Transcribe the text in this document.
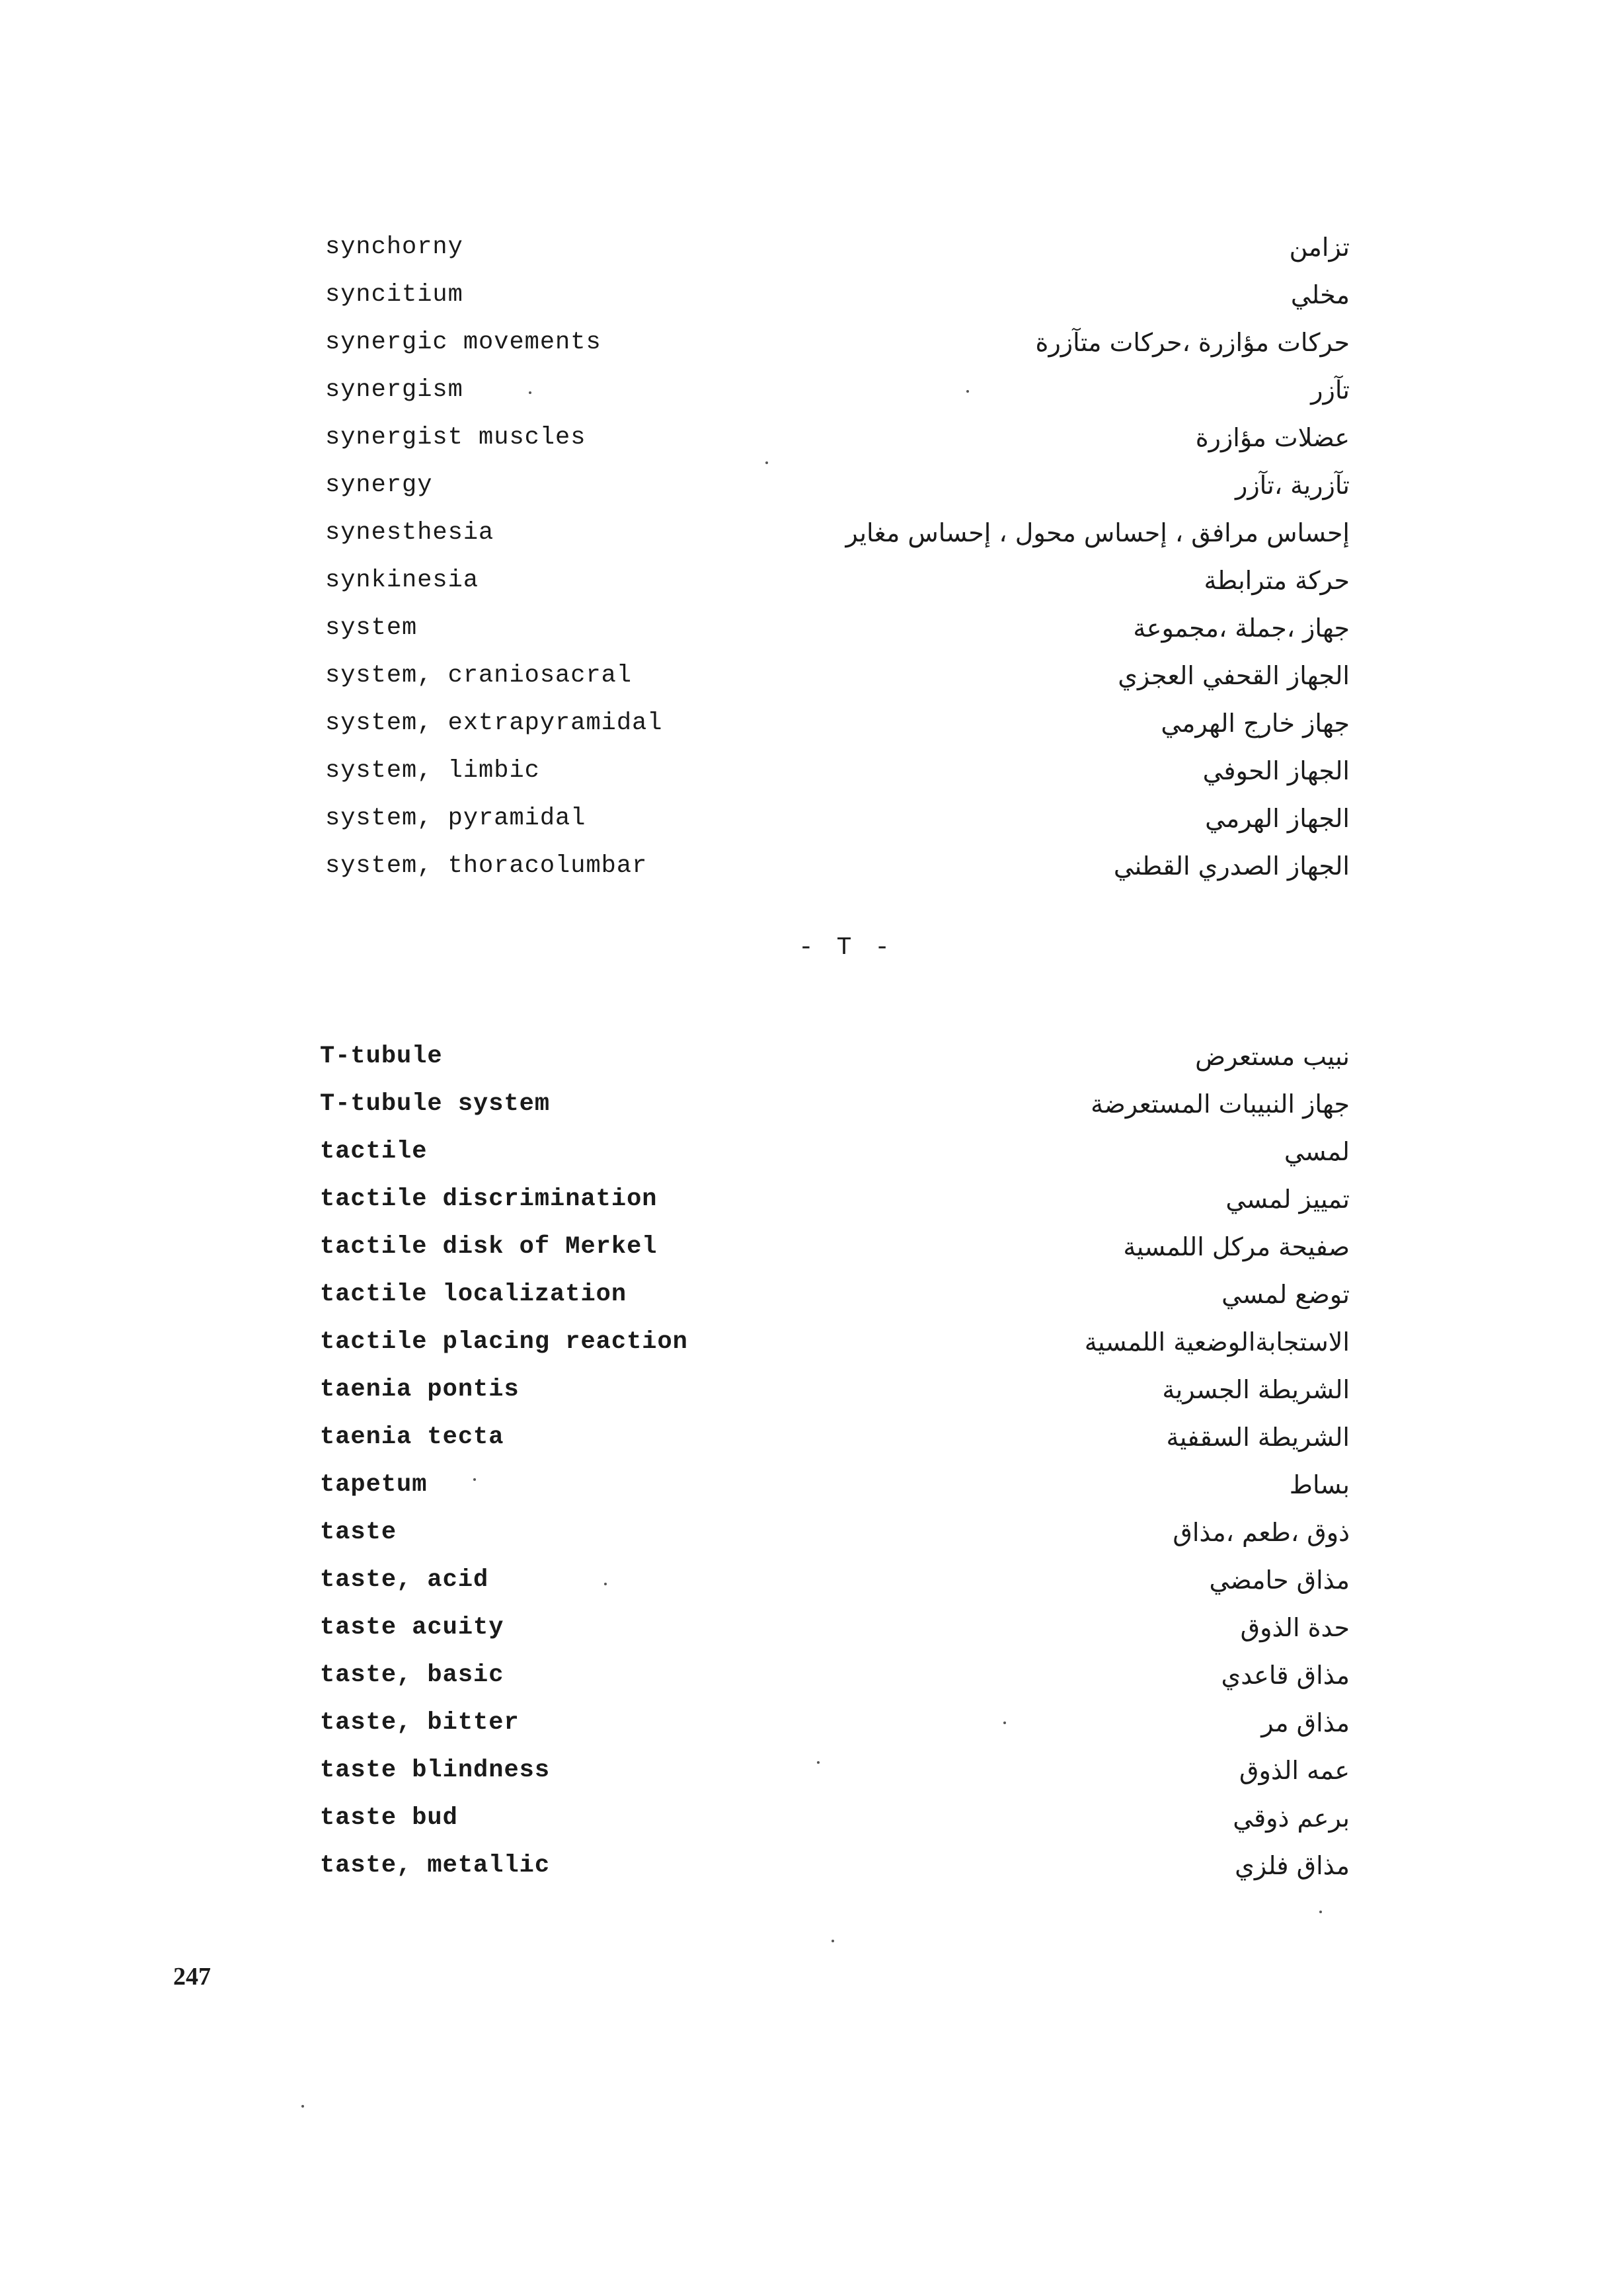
synchorny	تزامن
syncitium	مخلي
synergic movements	حركات مؤازرة ،حركات متآزرة
synergism	تآزر
synergist muscles	عضلات مؤازرة
synergy	تآزرية ،تآزر
synesthesia	إحساس مرافق ، إحساس محول ، إحساس مغاير
synkinesia	حركة مترابطة
system	جهاز ،جملة ،مجموعة
system, craniosacral	الجهاز القحفي العجزي
system, extrapyramidal	جهاز خارج الهرمي
system, limbic	الجهاز الحوفي
system, pyramidal	الجهاز الهرمي
system, thoracolumbar	الجهاز الصدري القطني
- T -
T-tubule	نبيب مستعرض
T-tubule system	جهاز النبيبات المستعرضة
tactile	لمسي
tactile discrimination	تمييز لمسي
tactile disk of Merkel	صفيحة مركل اللمسية
tactile localization	توضع لمسي
tactile placing reaction	الاستجابةالوضعية اللمسية
taenia pontis	الشريطة الجسرية
taenia tecta	الشريطة السقفية
tapetum	بساط
taste	ذوق ،طعم ،مذاق
taste, acid	مذاق حامضي
taste acuity	حدة الذوق
taste, basic	مذاق قاعدي
taste, bitter	مذاق مر
taste blindness	عمه الذوق
taste bud	برعم ذوقي
taste, metallic	مذاق فلزي
247
